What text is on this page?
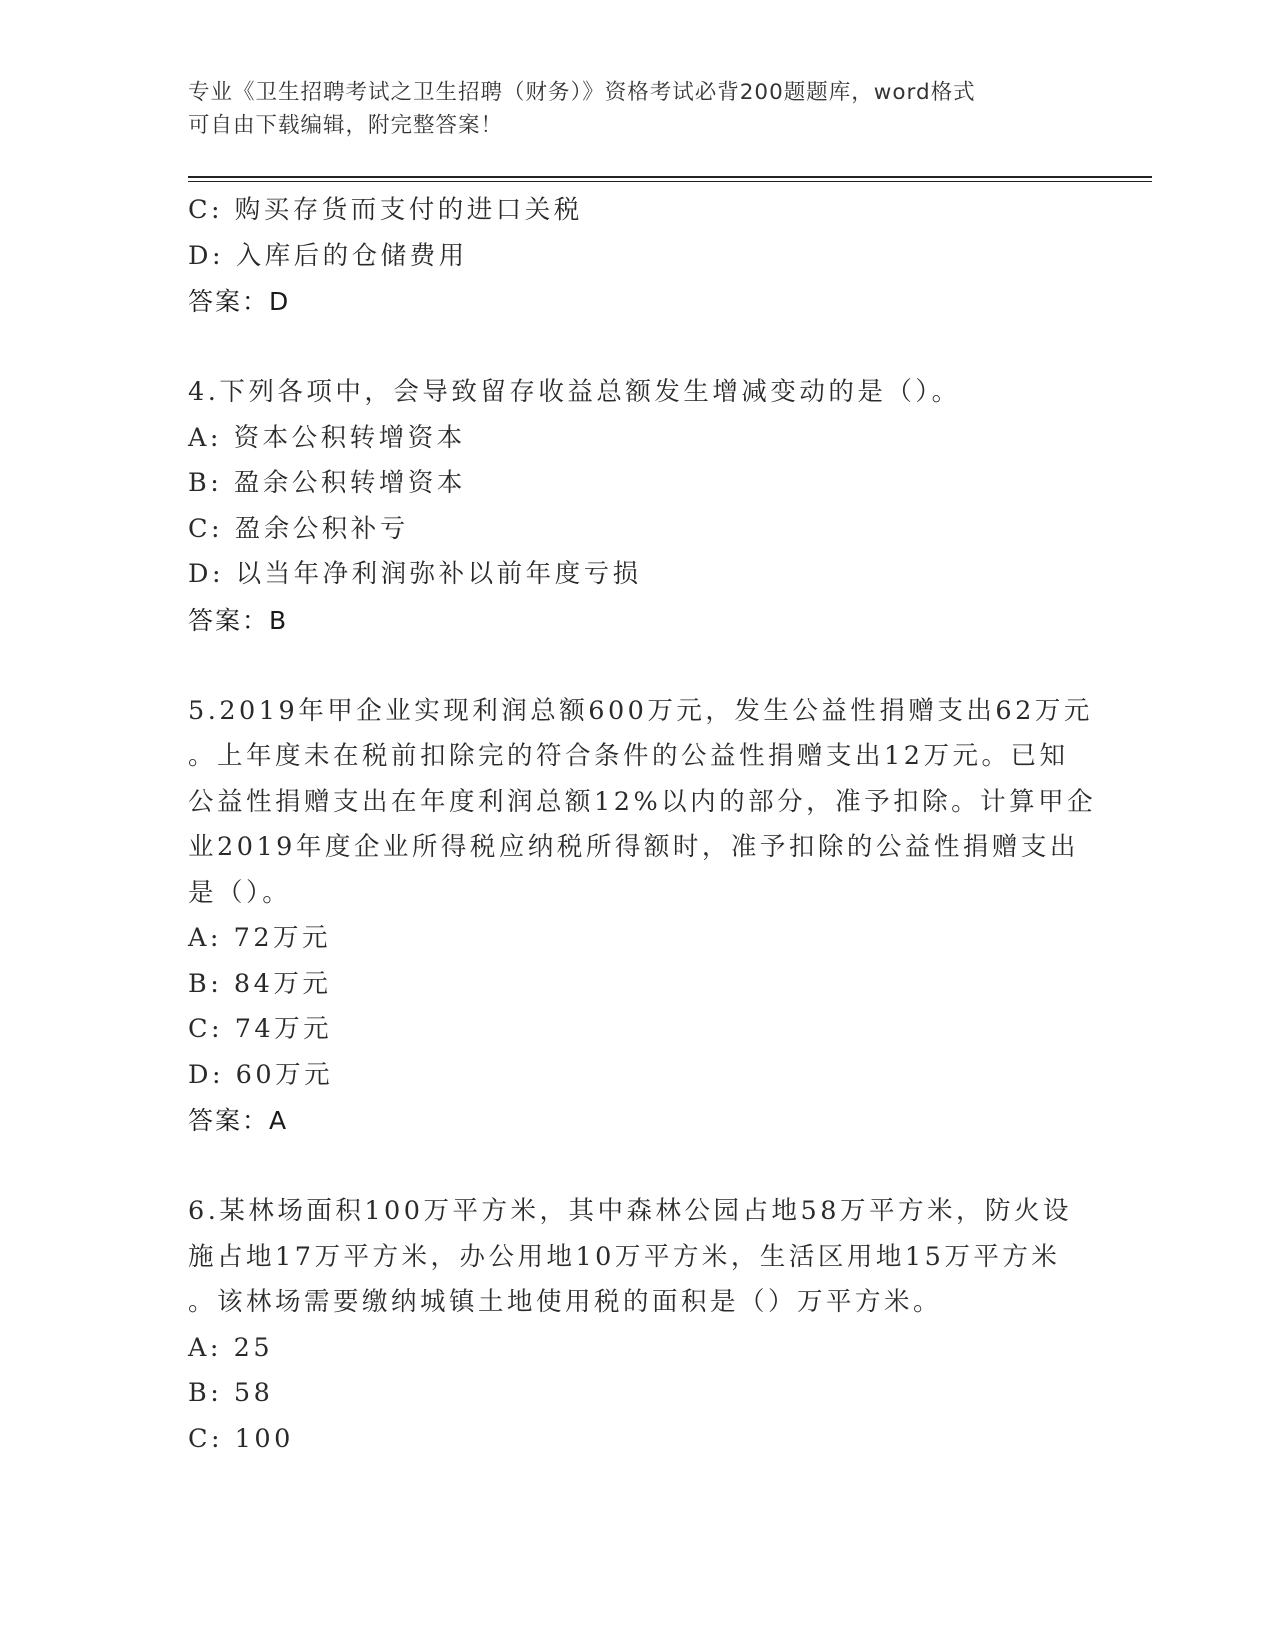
专业《卫生招聘考试之卫生招聘（财务）》资格考试必背200题题库，word格式
可自由下载编辑，附完整答案！
C: 购买存货而支付的进口关税
D: 入库后的仓储费用
答案：D
4.下列各项中，会导致留存收益总额发生增减变动的是（）。
A: 资本公积转增资本
B: 盈余公积转增资本
C: 盈余公积补亏
D: 以当年净利润弥补以前年度亏损
答案：B
5.2019年甲企业实现利润总额600万元，发生公益性捐赠支出62万元
。上年度未在税前扣除完的符合条件的公益性捐赠支出12万元。已知
公益性捐赠支出在年度利润总额12%以内的部分，准予扣除。计算甲企
业2019年度企业所得税应纳税所得额时，准予扣除的公益性捐赠支出
是（）。
A: 72万元
B: 84万元
C: 74万元
D: 60万元
答案：A
6.某林场面积100万平方米，其中森林公园占地58万平方米，防火设
施占地17万平方米，办公用地10万平方米，生活区用地15万平方米
。该林场需要缴纳城镇土地使用税的面积是（）万平方米。
A: 25
B: 58
C: 100
